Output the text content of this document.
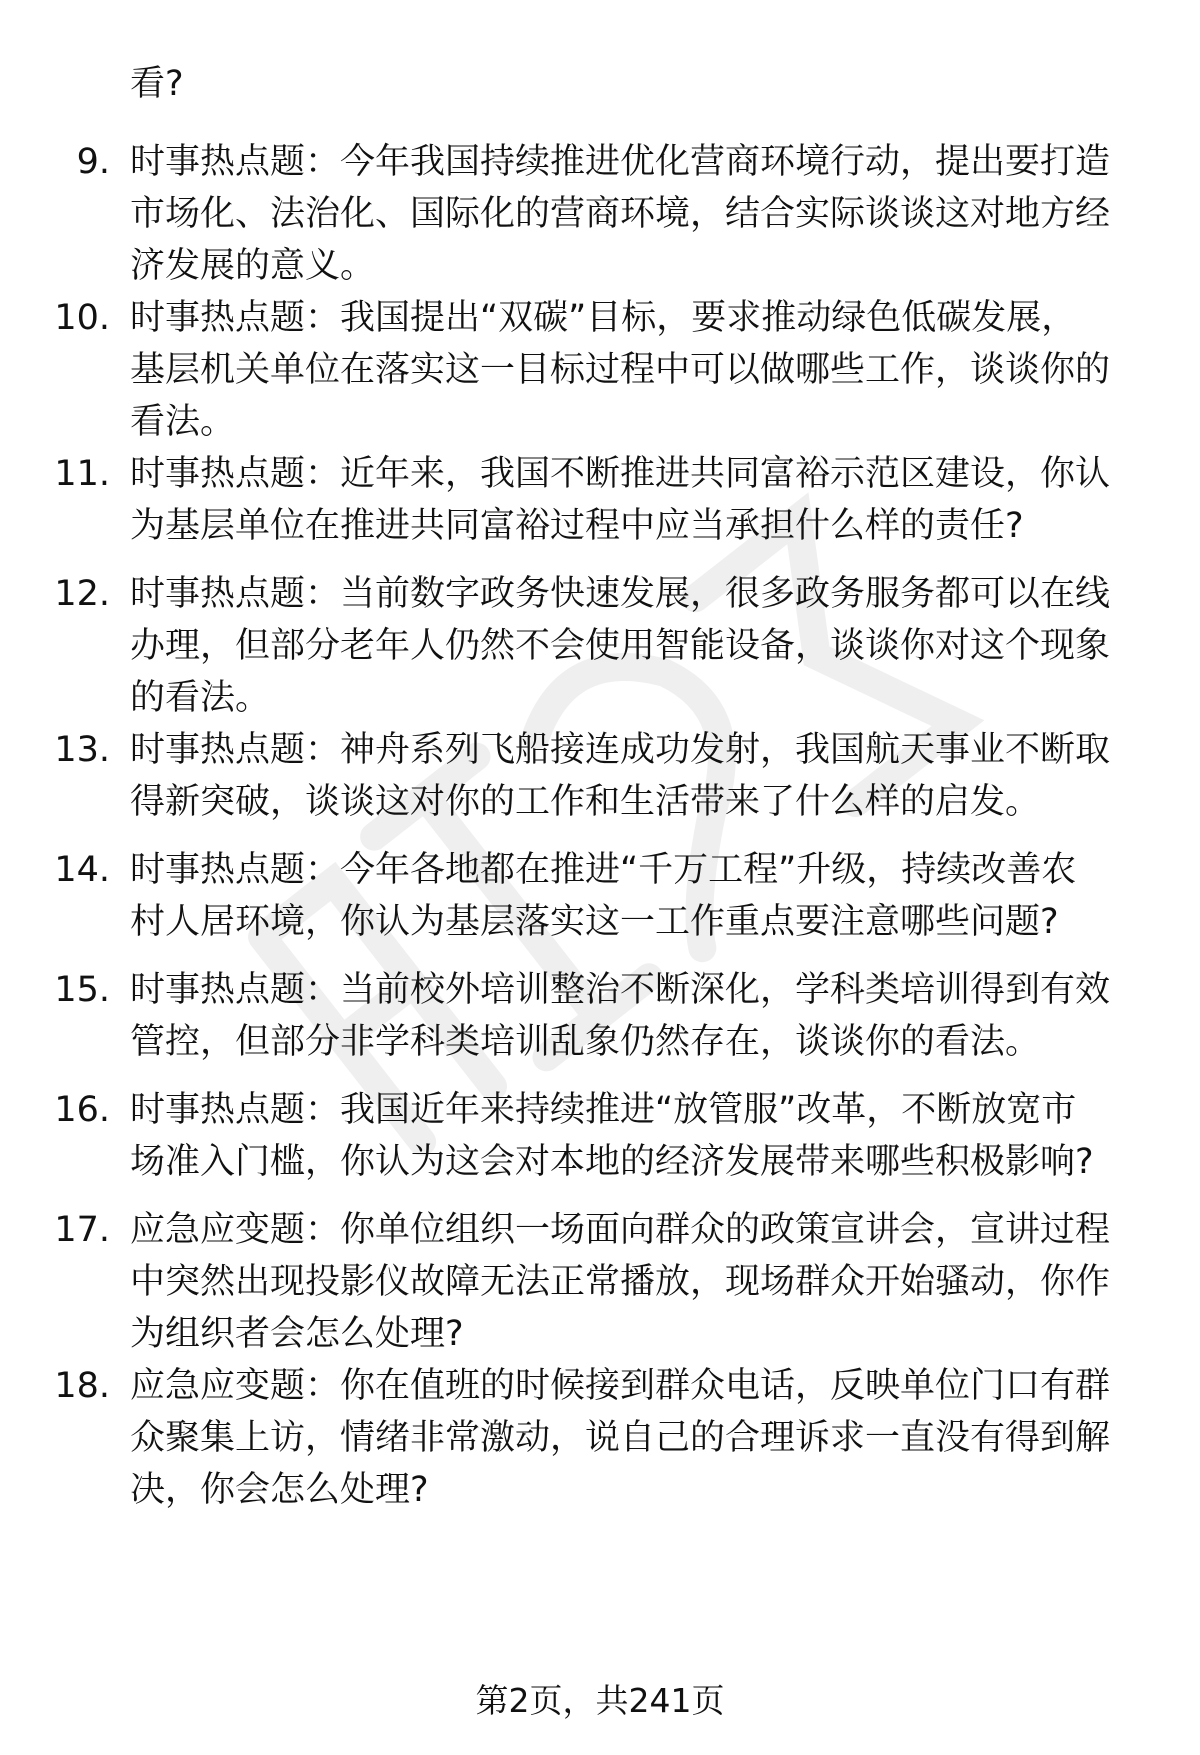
看?
9. 时事热点题：今年我国持续推进优化营商环境行动，提出要打造
市场化、法治化、国际化的营商环境，结合实际谈谈这对地方经
济发展的意义。
10. 时事热点题：我国提出“双碳”目标，要求推动绿色低碳发展，
基层机关单位在落实这一目标过程中可以做哪些工作，谈谈你的
看法。
11. 时事热点题：近年来，我国不断推进共同富裕示范区建设，你认
为基层单位在推进共同富裕过程中应当承担什么样的责任?
12. 时事热点题：当前数字政务快速发展，很多政务服务都可以在线
办理，但部分老年人仍然不会使用智能设备，谈谈你对这个现象
的看法。
13. 时事热点题：神舟系列飞船接连成功发射，我国航天事业不断取
得新突破，谈谈这对你的工作和生活带来了什么样的启发。
14. 时事热点题：今年各地都在推进“千万工程”升级，持续改善农
村人居环境，你认为基层落实这一工作重点要注意哪些问题?
15. 时事热点题：当前校外培训整治不断深化，学科类培训得到有效
管控，但部分非学科类培训乱象仍然存在，谈谈你的看法。
16. 时事热点题：我国近年来持续推进“放管服”改革，不断放宽市
场准入门槛，你认为这会对本地的经济发展带来哪些积极影响?
17. 应急应变题：你单位组织一场面向群众的政策宣讲会，宣讲过程
中突然出现投影仪故障无法正常播放，现场群众开始骚动，你作
为组织者会怎么处理?
18. 应急应变题：你在值班的时候接到群众电话，反映单位门口有群
众聚集上访，情绪非常激动，说自己的合理诉求一直没有得到解
决，你会怎么处理?
第2页，共241页
